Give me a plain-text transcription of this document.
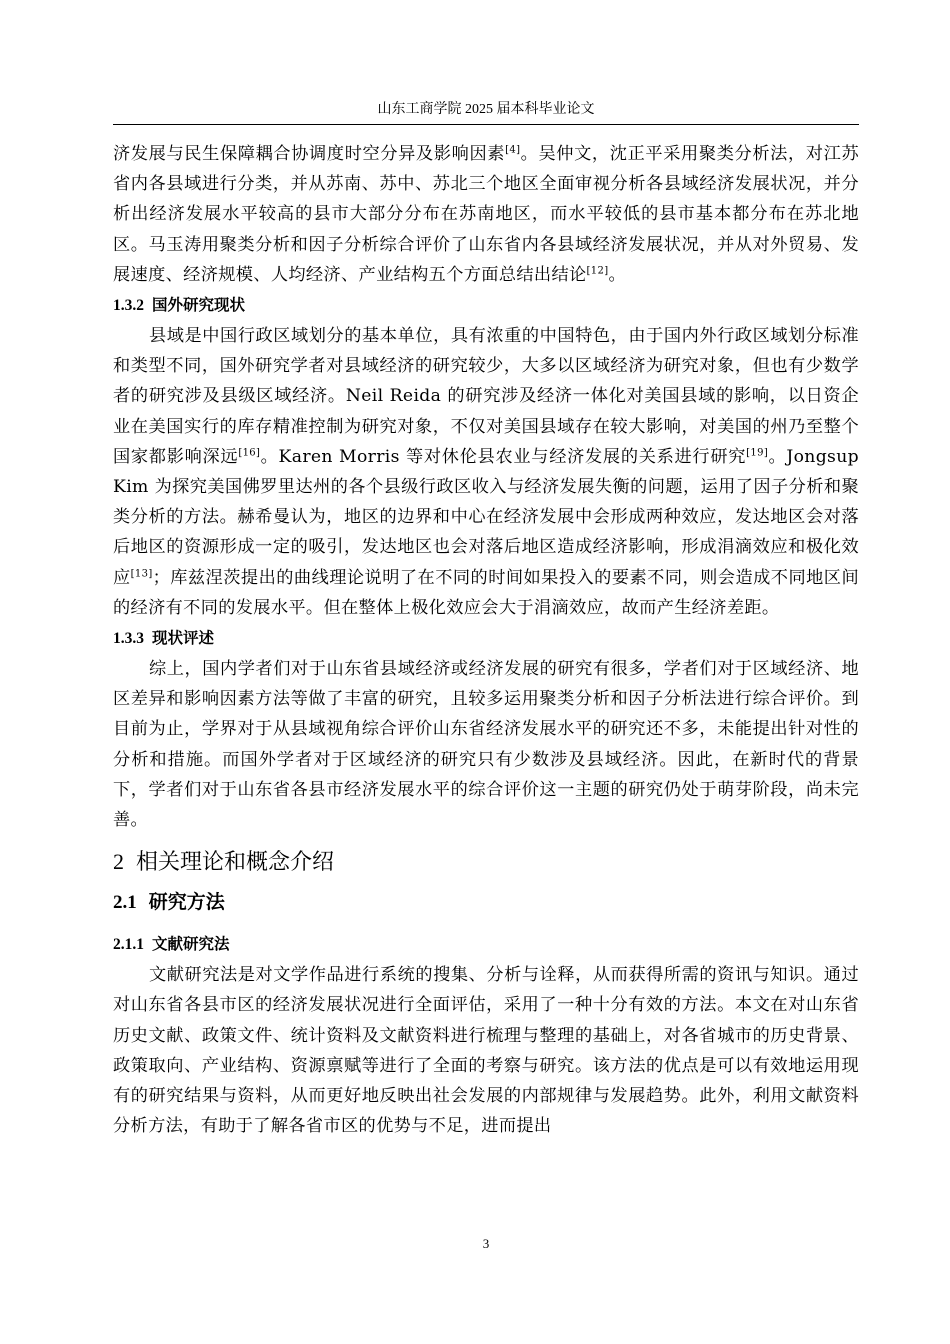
山东工商学院 2025 届本科毕业论文

济发展与民生保障耦合协调度时空分异及影响因素[4]。吴仲文，沈正平采用聚类分析法，对江苏省内各县域进行分类，并从苏南、苏中、苏北三个地区全面审视分析各县域经济发展状况，并分析出经济发展水平较高的县市大部分分布在苏南地区，而水平较低的县市基本都分布在苏北地区。马玉涛用聚类分析和因子分析综合评价了山东省内各县域经济发展状况，并从对外贸易、发展速度、经济规模、人均经济、产业结构五个方面总结出结论[12]。

1.3.2 国外研究现状

县域是中国行政区域划分的基本单位，具有浓重的中国特色，由于国内外行政区域划分标准和类型不同，国外研究学者对县域经济的研究较少，大多以区域经济为研究对象，但也有少数学者的研究涉及县级区域经济。Neil Reida 的研究涉及经济一体化对美国县域的影响，以日资企业在美国实行的库存精准控制为研究对象，不仅对美国县域存在较大影响，对美国的州乃至整个国家都影响深远[16]。Karen Morris 等对休伦县农业与经济发展的关系进行研究[19]。Jongsup Kim 为探究美国佛罗里达州的各个县级行政区收入与经济发展失衡的问题，运用了因子分析和聚类分析的方法。赫希曼认为，地区的边界和中心在经济发展中会形成两种效应，发达地区会对落后地区的资源形成一定的吸引，发达地区也会对落后地区造成经济影响，形成涓滴效应和极化效应[13]；库兹涅茨提出的曲线理论说明了在不同的时间如果投入的要素不同，则会造成不同地区间的经济有不同的发展水平。但在整体上极化效应会大于涓滴效应，故而产生经济差距。

1.3.3 现状评述

综上，国内学者们对于山东省县域经济或经济发展的研究有很多，学者们对于区域经济、地区差异和影响因素方法等做了丰富的研究，且较多运用聚类分析和因子分析法进行综合评价。到目前为止，学界对于从县域视角综合评价山东省经济发展水平的研究还不多，未能提出针对性的分析和措施。而国外学者对于区域经济的研究只有少数涉及县域经济。因此，在新时代的背景下，学者们对于山东省各县市经济发展水平的综合评价这一主题的研究仍处于萌芽阶段，尚未完善。

2 相关理论和概念介绍
2.1 研究方法
2.1.1 文献研究法

文献研究法是对文学作品进行系统的搜集、分析与诠释，从而获得所需的资讯与知识。通过对山东省各县市区的经济发展状况进行全面评估，采用了一种十分有效的方法。本文在对山东省历史文献、政策文件、统计资料及文献资料进行梳理与整理的基础上，对各省城市的历史背景、政策取向、产业结构、资源禀赋等进行了全面的考察与研究。该方法的优点是可以有效地运用现有的研究结果与资料，从而更好地反映出社会发展的内部规律与发展趋势。此外，利用文献资料分析方法，有助于了解各省市区的优势与不足，进而提出

3
